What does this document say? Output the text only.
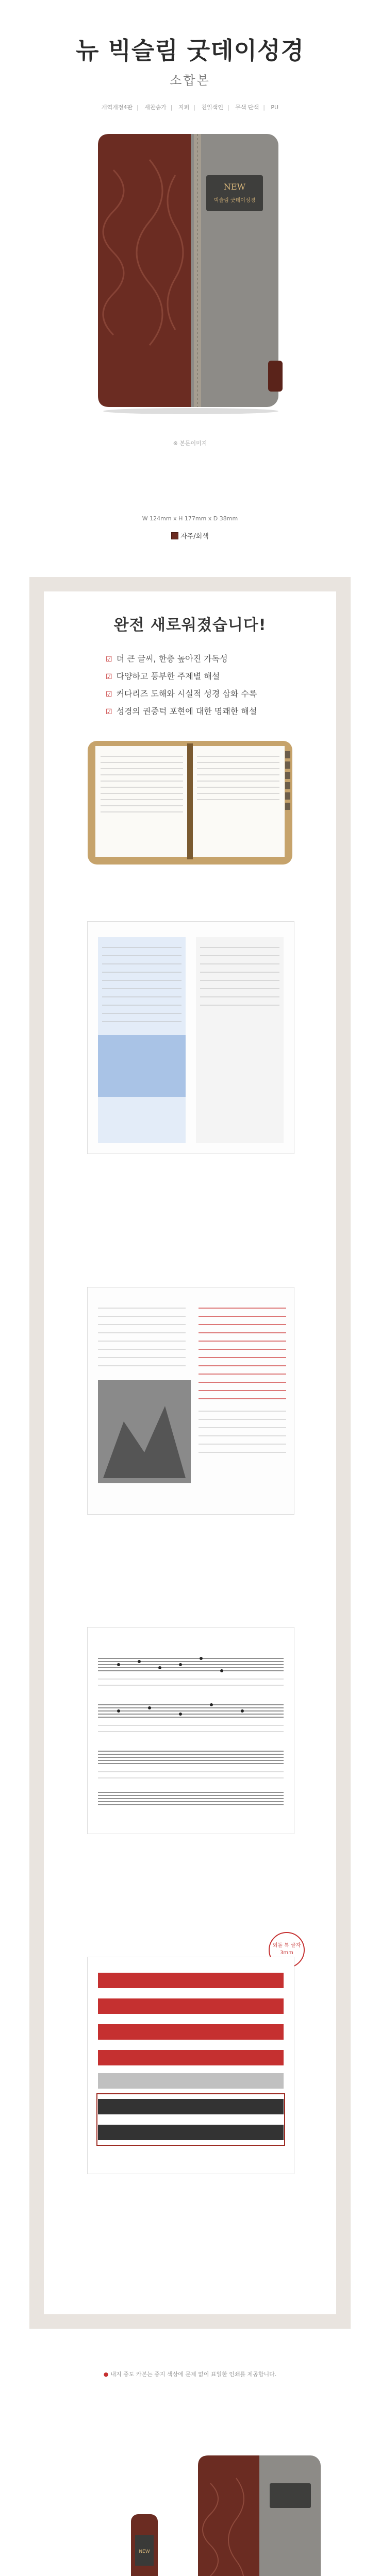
뉴 빅슬림 굿데이성경
소합본
개역개정4판 | 새찬송가 | 지퍼 | 천일색인 | 무색 단색 | PU
NEW
빅슬림 굿데이성경
※ 본문이미지
W 124mm x H 177mm x D 38mm
자주/회색
완전 새로워졌습니다!
☑ 더 큰 글씨, 한층 높아진 가독성
☑ 다양하고 풍부한 주제별 해설
☑ 커다리즈 도해와 시실적 성경 삽화 수록
☑ 성경의 권중턱 포현에 대한 명쾌한 해설
외돌 특 글자
3mm
● 내지 중도 카본는 중지 색상에 문제 없이 표일한 인쇄를 제공합니다.
NEW
